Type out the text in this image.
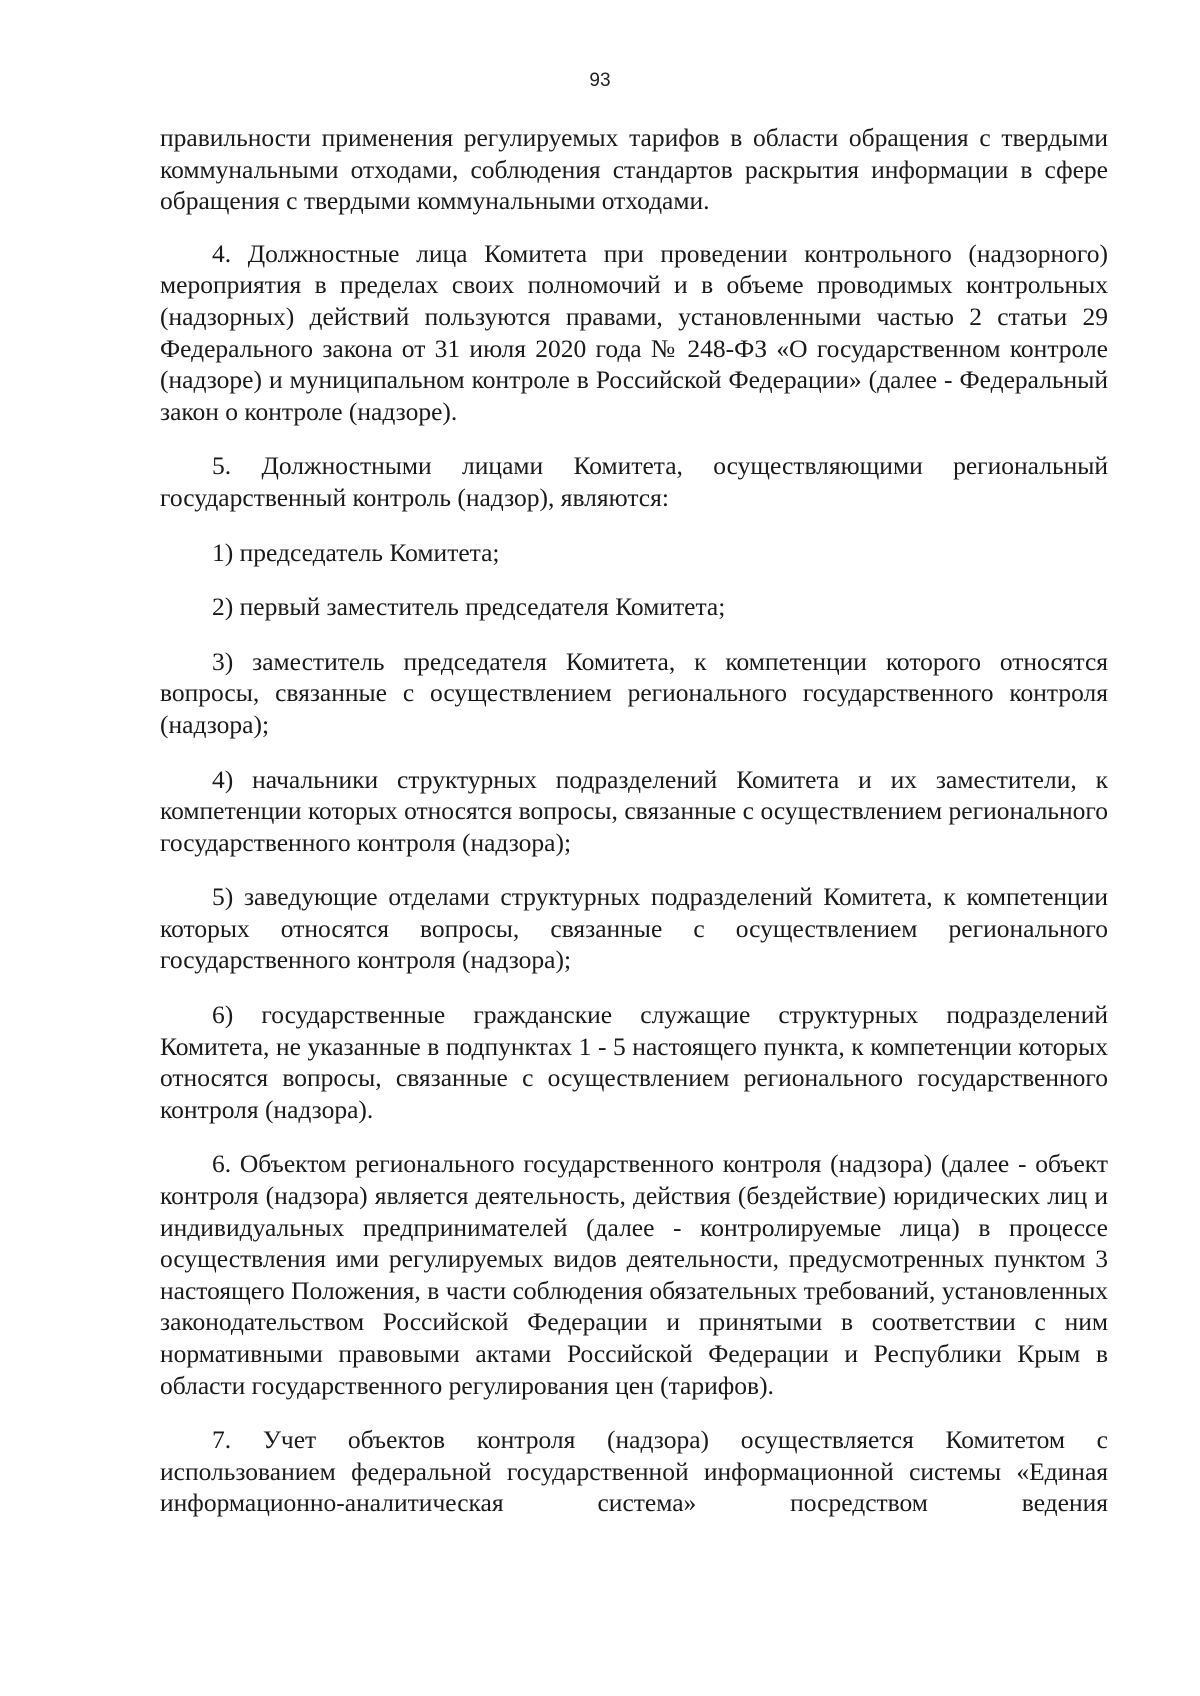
93

правильности применения регулируемых тарифов в области обращения с твердыми коммунальными отходами, соблюдения стандартов раскрытия информации в сфере обращения с твердыми коммунальными отходами.

4. Должностные лица Комитета при проведении контрольного (надзорного) мероприятия в пределах своих полномочий и в объеме проводимых контрольных (надзорных) действий пользуются правами, установленными частью 2 статьи 29 Федерального закона от 31 июля 2020 года № 248-ФЗ «О государственном контроле (надзоре) и муниципальном контроле в Российской Федерации» (далее - Федеральный закон о контроле (надзоре).

5. Должностными лицами Комитета, осуществляющими региональный государственный контроль (надзор), являются:

1) председатель Комитета;

2) первый заместитель председателя Комитета;

3) заместитель председателя Комитета, к компетенции которого относятся вопросы, связанные с осуществлением регионального государственного контроля (надзора);

4) начальники структурных подразделений Комитета и их заместители, к компетенции которых относятся вопросы, связанные с осуществлением регионального государственного контроля (надзора);

5) заведующие отделами структурных подразделений Комитета, к компетенции которых относятся вопросы, связанные с осуществлением регионального государственного контроля (надзора);

6) государственные гражданские служащие структурных подразделений Комитета, не указанные в подпунктах 1 - 5 настоящего пункта, к компетенции которых относятся вопросы, связанные с осуществлением регионального государственного контроля (надзора).

6. Объектом регионального государственного контроля (надзора) (далее - объект контроля (надзора) является деятельность, действия (бездействие) юридических лиц и индивидуальных предпринимателей (далее - контролируемые лица) в процессе осуществления ими регулируемых видов деятельности, предусмотренных пунктом 3 настоящего Положения, в части соблюдения обязательных требований, установленных законодательством Российской Федерации и принятыми в соответствии с ним нормативными правовыми актами Российской Федерации и Республики Крым в области государственного регулирования цен (тарифов).

7. Учет объектов контроля (надзора) осуществляется Комитетом с использованием федеральной государственной информационной системы «Единая информационно-аналитическая система» посредством ведения
